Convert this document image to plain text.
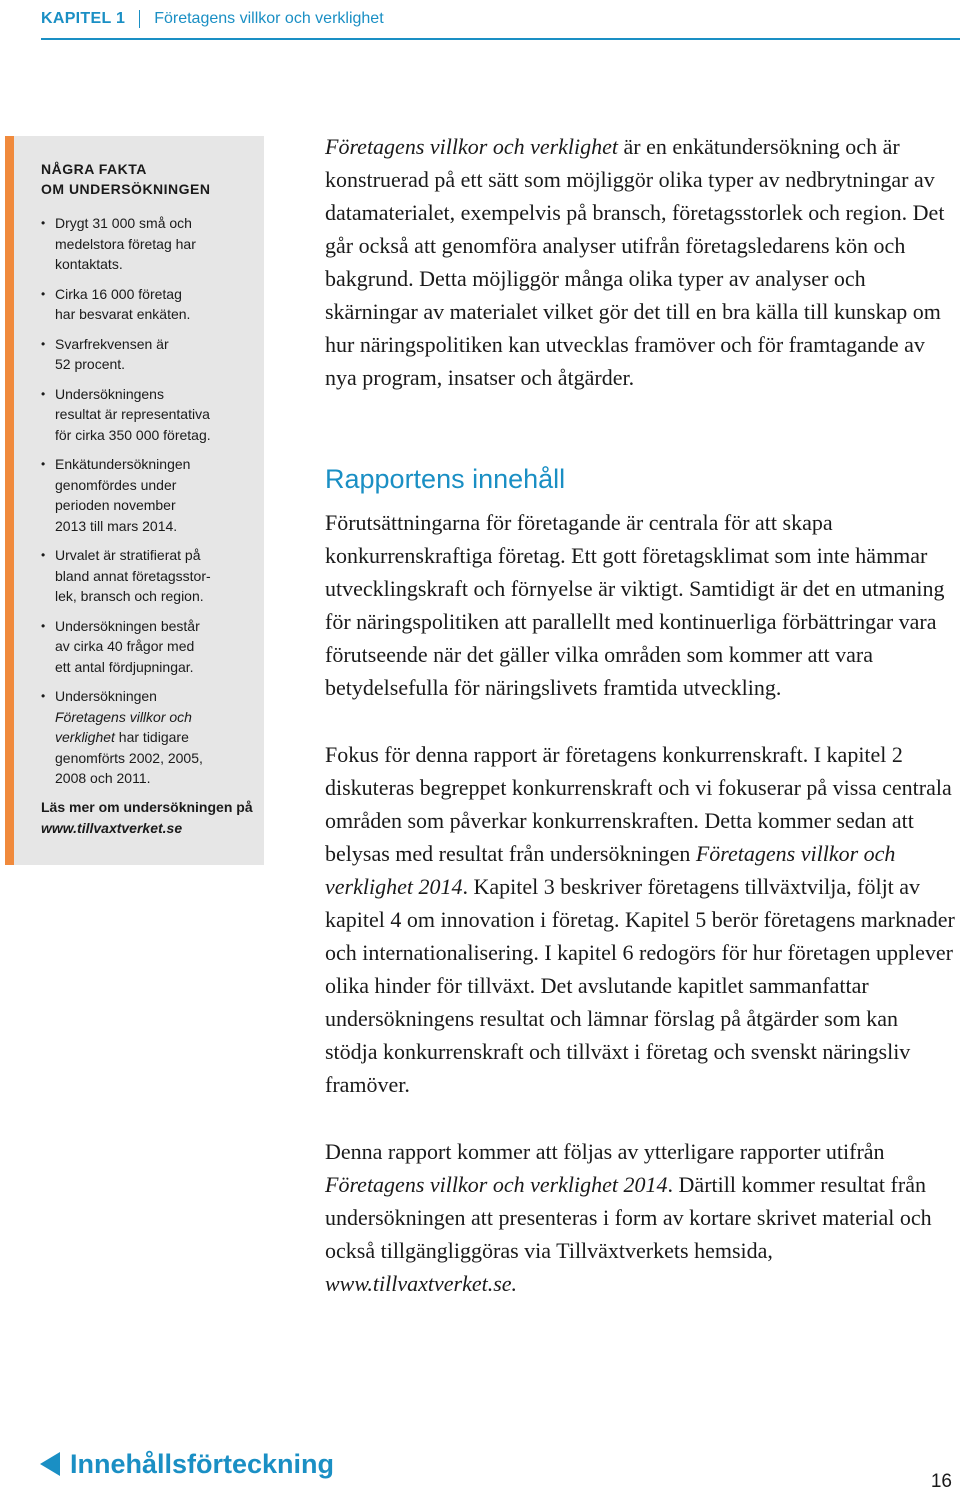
KAPITEL 1 Företagens villkor och verklighet
NÅGRA FAKTA
OM UNDERSÖKNINGEN
• Drygt 31 000 små och
medelstora företag har
kontaktats.
• Cirka 16 000 företag
har besvarat enkäten.
• Svarfrekvensen är
52 procent.
• Undersökningens
resultat är representativa
för cirka 350 000 företag.
• Enkätundersökningen
genomfördes under
perioden november
2013 till mars 2014.
• Urvalet är stratifierat på
bland annat företagsstor-
lek, bransch och region.
• Undersökningen består
av cirka 40 frågor med
ett antal fördjupningar.
• Undersökningen
Företagens villkor och verklighet har tidigare genomförts 2002, 2005, 2008 och 2011.
Läs mer om undersökningen på www.tillvaxtverket.se

Företagens villkor och verklighet är en enkätundersökning och är konstruerad på ett sätt som möjliggör olika typer av nedbrytningar av datamaterialet, exempelvis på bransch, företagsstorlek och region. Det går också att genomföra analyser utifrån företagsledarens kön och bakgrund. Detta möjliggör många olika typer av analyser och skärningar av materialet vilket gör det till en bra källa till kunskap om hur näringspolitiken kan utvecklas framöver och för framtagande av nya program, insatser och åtgärder.

Rapportens innehåll

Förutsättningarna för företagande är centrala för att skapa konkurrenskraftiga företag. Ett gott företagsklimat som inte hämmar utvecklingskraft och förnyelse är viktigt. Samtidigt är det en utmaning för näringspolitiken att parallellt med kontinuerliga förbättringar vara förutseende när det gäller vilka områden som kommer att vara betydelsefulla för näringslivets framtida utveckling.

Fokus för denna rapport är företagens konkurrenskraft. I kapitel 2 diskuteras begreppet konkurrenskraft och vi fokuserar på vissa centrala områden som påverkar konkurrenskraften. Detta kommer sedan att belysas med resultat från undersökningen Företagens villkor och verklighet 2014. Kapitel 3 beskriver företagens tillväxtvilja, följt av kapitel 4 om innovation i företag. Kapitel 5 berör företagens marknader och internationalisering. I kapitel 6 redogörs för hur företagen upplever olika hinder för tillväxt. Det avslutande kapitlet sammanfattar undersökningens resultat och lämnar förslag på åtgärder som kan stödja konkurrenskraft och tillväxt i företag och svenskt näringsliv framöver.

Denna rapport kommer att följas av ytterligare rapporter utifrån Företagens villkor och verklighet 2014. Därtill kommer resultat från undersökningen att presenteras i form av kortare skrivet material och också tillgängliggöras via Tillväxtverkets hemsida, www.tillvaxtverket.se.

Innehållsförteckning
16
